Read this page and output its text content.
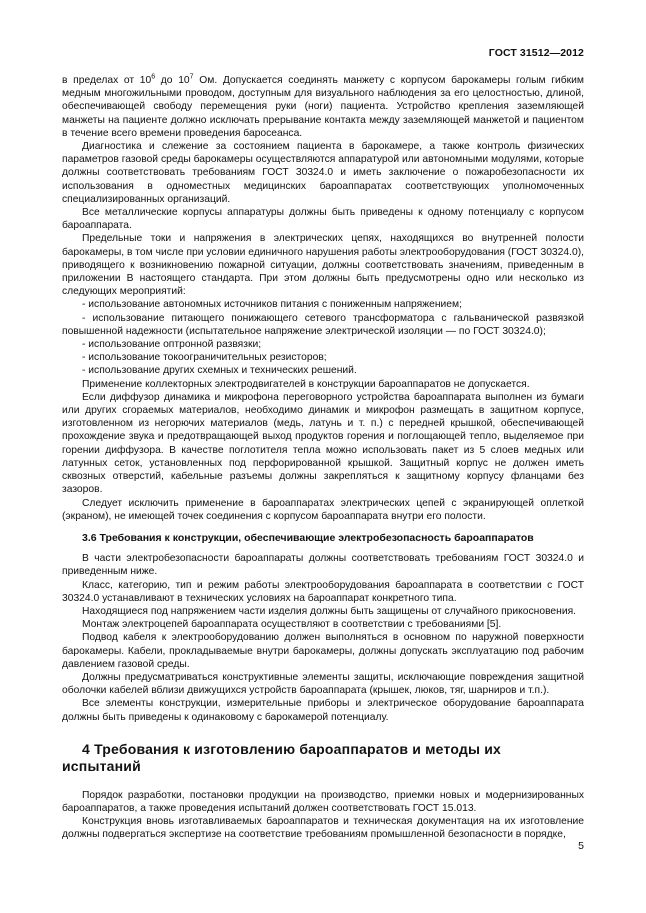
ГОСТ 31512—2012

в пределах от $10^6$ до $10^7$ Ом. Допускается соединять манжету с корпусом барокамеры голым гибким медным многожильными проводом, доступным для визуального наблюдения за его целостностью, длиной, обеспечивающей свободу перемещения руки (ноги) пациента. Устройство крепления заземляющей манжеты на пациенте должно исключать прерывание контакта между заземляющей манжетой и пациентом в течение всего времени проведения баросеанса.

Диагностика и слежение за состоянием пациента в барокамере, а также контроль физических параметров газовой среды барокамеры осуществляются аппаратурой или автономными модулями, которые должны соответствовать требованиям ГОСТ 30324.0 и иметь заключение о пожаробезопасности их использования в одноместных медицинских бароаппаратах соответствующих уполномоченных специализированных организаций.

Все металлические корпусы аппаратуры должны быть приведены к одному потенциалу с корпусом бароаппарата.

Предельные токи и напряжения в электрических цепях, находящихся во внутренней полости барокамеры, в том числе при условии единичного нарушения работы электрооборудования (ГОСТ 30324.0), приводящего к возникновению пожарной ситуации, должны соответствовать значениям, приведенным в приложении В настоящего стандарта. При этом должны быть предусмотрены одно или несколько из следующих мероприятий:

- использование автономных источников питания с пониженным напряжением;

- использование питающего понижающего сетевого трансформатора с гальванической развязкой повышенной надежности (испытательное напряжение электрической изоляции — по ГОСТ 30324.0);

- использование оптронной развязки;

- использование токоограничительных резисторов;

- использование других схемных и технических решений.

Применение коллекторных электродвигателей в конструкции бароаппаратов не допускается.

Если диффузор динамика и микрофона переговорного устройства бароаппарата выполнен из бумаги или других сгораемых материалов, необходимо динамик и микрофон размещать в защитном корпусе, изготовленном из негорючих материалов (медь, латунь и т. п.) с передней крышкой, обеспечивающей прохождение звука и предотвращающей выход продуктов горения и поглощающей тепло, выделяемое при горении диффузора. В качестве поглотителя тепла можно использовать пакет из 5 слоев медных или латунных сеток, установленных под перфорированной крышкой. Защитный корпус не должен иметь сквозных отверстий, кабельные разъемы должны закрепляться к защитному корпусу фланцами без зазоров.

Следует исключить применение в бароаппаратах электрических цепей с экранирующей оплеткой (экраном), не имеющей точек соединения с корпусом бароаппарата внутри его полости.

3.6 Требования к конструкции, обеспечивающие электробезопасность бароаппаратов

В части электробезопасности бароаппараты должны соответствовать требованиям ГОСТ 30324.0 и приведенным ниже.

Класс, категорию, тип и режим работы электрооборудования бароаппарата в соответствии с ГОСТ 30324.0 устанавливают в технических условиях на бароаппарат конкретного типа.

Находящиеся под напряжением части изделия должны быть защищены от случайного прикосновения.

Монтаж электроцепей бароаппарата осуществляют в соответствии с требованиями [5].

Подвод кабеля к электрооборудованию должен выполняться в основном по наружной поверхности барокамеры. Кабели, прокладываемые внутри барокамеры, должны допускать эксплуатацию под рабочим давлением газовой среды.

Должны предусматриваться конструктивные элементы защиты, исключающие повреждения защитной оболочки кабелей вблизи движущихся устройств бароаппарата (крышек, люков, тяг, шарниров и т.п.).

Все элементы конструкции, измерительные приборы и электрическое оборудование бароаппарата должны быть приведены к одинаковому с барокамерой потенциалу.

4 Требования к изготовлению бароаппаратов и методы их испытаний

Порядок разработки, постановки продукции на производство, приемки новых и модернизированных бароаппаратов, а также проведения испытаний должен соответствовать ГОСТ 15.013.

Конструкция вновь изготавливаемых бароаппаратов и техническая документация на их изготовление должны подвергаться экспертизе на соответствие требованиям промышленной безопасности в порядке,

5
